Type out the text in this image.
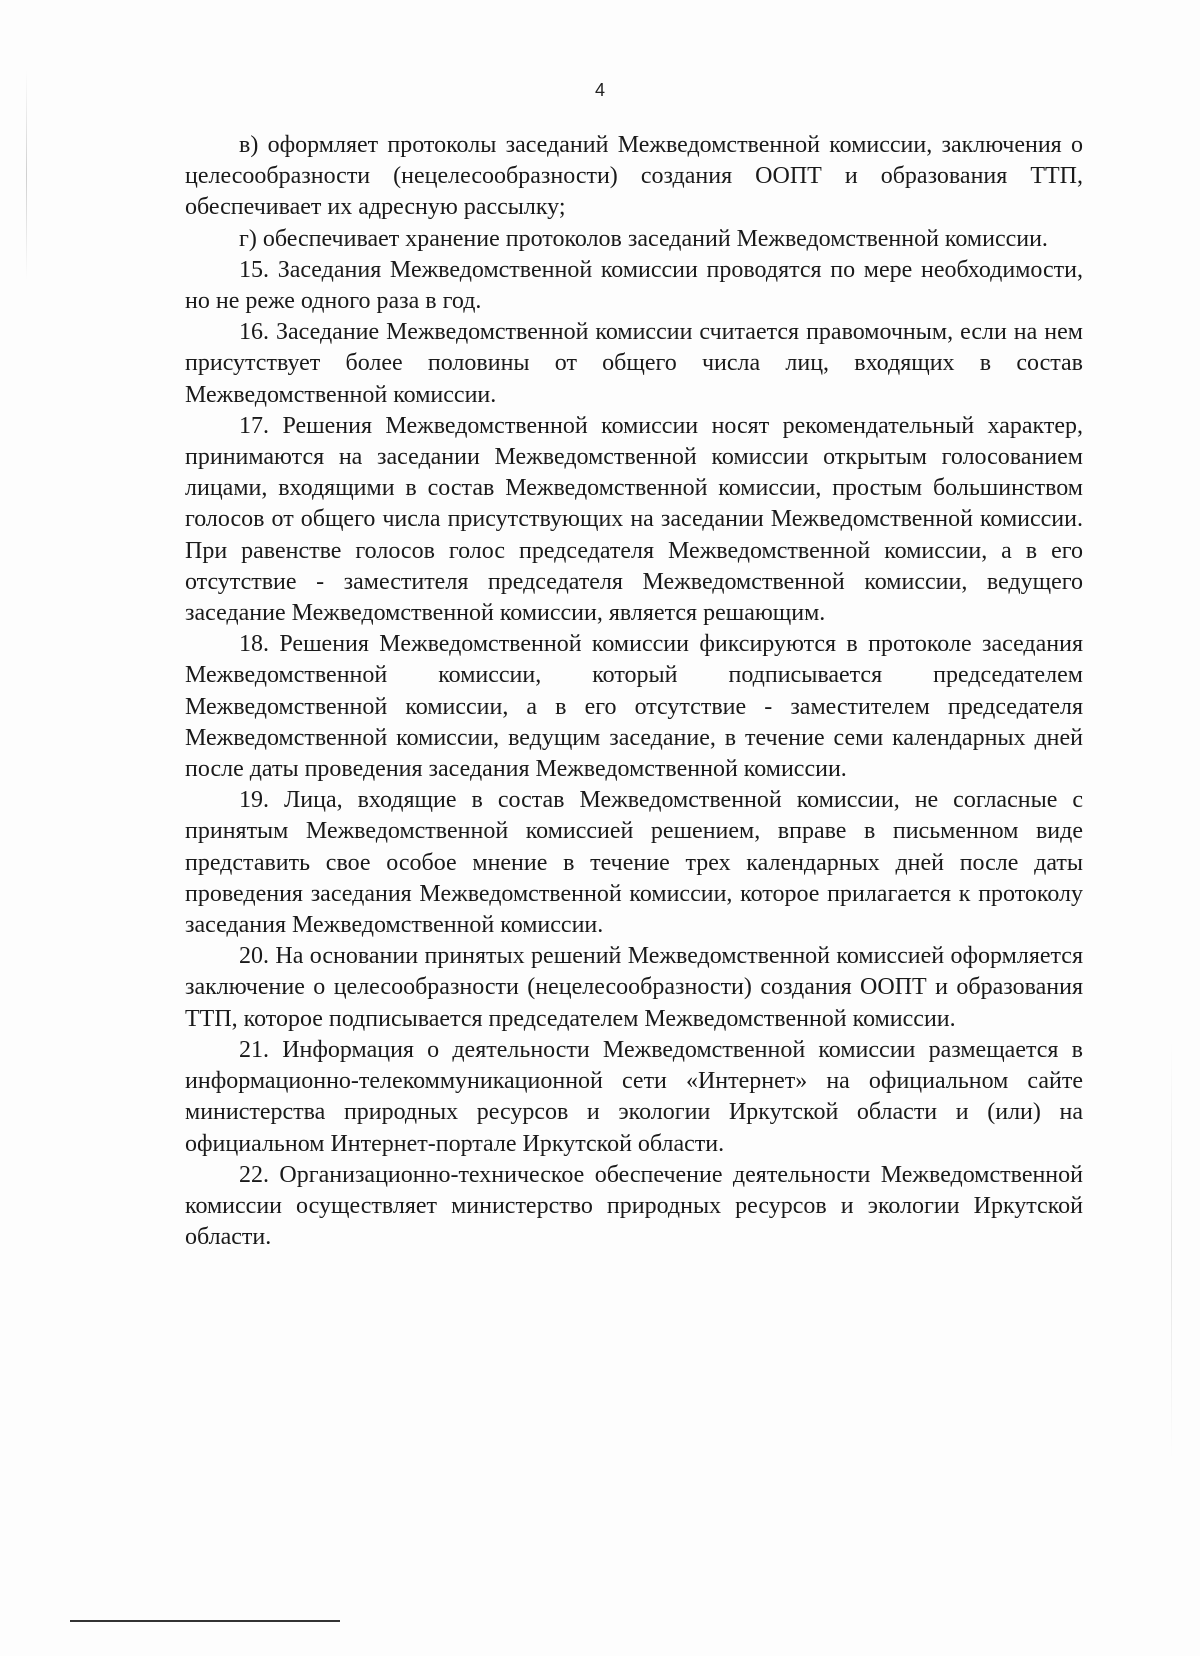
4

в) оформляет протоколы заседаний Межведомственной комиссии, заключения о целесообразности (нецелесообразности) создания ООПТ и образования ТТП, обеспечивает их адресную рассылку;

г) обеспечивает хранение протоколов заседаний Межведомственной комиссии.

15. Заседания Межведомственной комиссии проводятся по мере необходимости, но не реже одного раза в год.

16. Заседание Межведомственной комиссии считается правомочным, если на нем присутствует более половины от общего числа лиц, входящих в состав Межведомственной комиссии.

17. Решения Межведомственной комиссии носят рекомендательный характер, принимаются на заседании Межведомственной комиссии открытым голосованием лицами, входящими в состав Межведомственной комиссии, простым большинством голосов от общего числа присутствующих на заседании Межведомственной комиссии. При равенстве голосов голос председателя Межведомственной комиссии, а в его отсутствие - заместителя председателя Межведомственной комиссии, ведущего заседание Межведомственной комиссии, является решающим.

18. Решения Межведомственной комиссии фиксируются в протоколе заседания Межведомственной комиссии, который подписывается председателем Межведомственной комиссии, а в его отсутствие - заместителем председателя Межведомственной комиссии, ведущим заседание, в течение семи календарных дней после даты проведения заседания Межведомственной комиссии.

19. Лица, входящие в состав Межведомственной комиссии, не согласные с принятым Межведомственной комиссией решением, вправе в письменном виде представить свое особое мнение в течение трех календарных дней после даты проведения заседания Межведомственной комиссии, которое прилагается к протоколу заседания Межведомственной комиссии.

20. На основании принятых решений Межведомственной комиссией оформляется заключение о целесообразности (нецелесообразности) создания ООПТ и образования ТТП, которое подписывается председателем Межведомственной комиссии.

21. Информация о деятельности Межведомственной комиссии размещается в информационно-телекоммуникационной сети «Интернет» на официальном сайте министерства природных ресурсов и экологии Иркутской области и (или) на официальном Интернет-портале Иркутской области.

22. Организационно-техническое обеспечение деятельности Межведомственной комиссии осуществляет министерство природных ресурсов и экологии Иркутской области.
